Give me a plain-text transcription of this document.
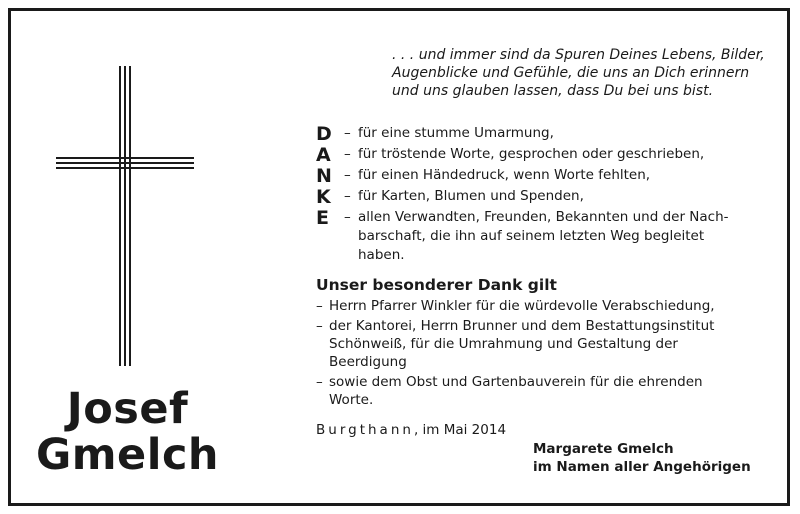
Josef
Gmelch
. . . und immer sind da Spuren Deines Lebens, Bilder,
Augenblicke und Gefühle, die uns an Dich erinnern
und uns glauben lassen, dass Du bei uns bist.
D
A
N
K
E
– für eine stumme Umarmung,
– für tröstende Worte, gesprochen oder geschrieben,
– für einen Händedruck, wenn Worte fehlten,
– für Karten, Blumen und Spenden,
– allen Verwandten, Freunden, Bekannten und der Nach-
barschaft, die ihn auf seinem letzten Weg begleitet
haben.
Unser besonderer Dank gilt
– Herrn Pfarrer Winkler für die würdevolle Verabschiedung,
– der Kantorei, Herrn Brunner und dem Bestattungsinstitut
Schönweiß, für die Umrahmung und Gestaltung der
Beerdigung
– sowie dem Obst und Gartenbauverein für die ehrenden
Worte.
Burgthann, im Mai 2014
Margarete Gmelch
im Namen aller Angehörigen
